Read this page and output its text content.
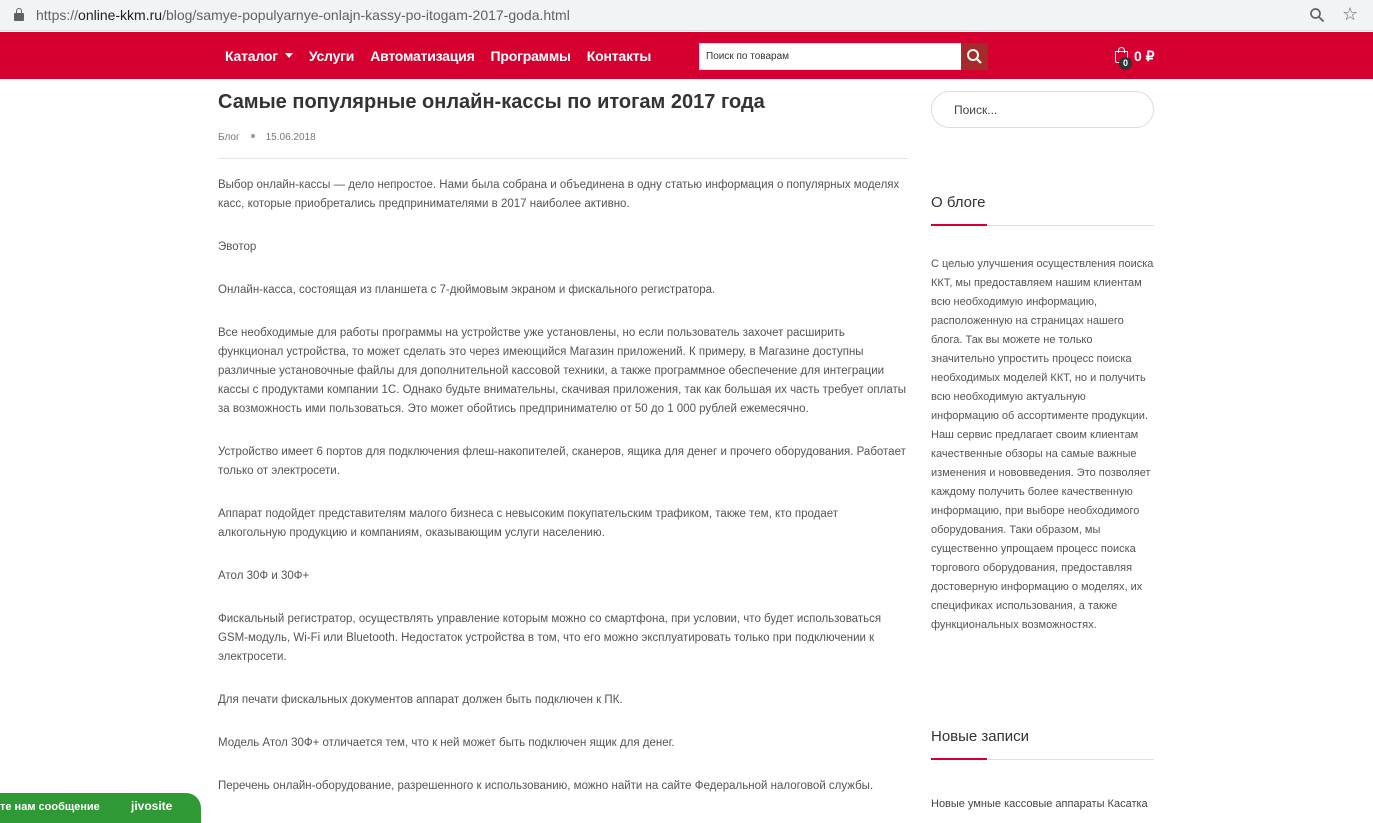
https://online-kkm.ru/blog/samye-populyarnye-onlajn-kassy-po-itogam-2017-goda.html	☆
Каталог Услуги Автоматизация Программы Контакты
Поиск по товарам	0 0 ₽
Самые популярные онлайн-кассы по итогам 2017 года
Блог	15.06.2018

Выбор онлайн-кассы — дело непростое. Нами была собрана и объединена в одну статью информация о популярных моделях касс, которые приобретались предпринимателями в 2017 наиболее активно.

Эвотор

Онлайн-касса, состоящая из планшета с 7-дюймовым экраном и фискального регистратора.

Все необходимые для работы программы на устройстве уже установлены, но если пользователь захочет расширить функционал устройства, то может сделать это через имеющийся Магазин приложений. К примеру, в Магазине доступны различные установочные файлы для дополнительной кассовой техники, а также программное обеспечение для интеграции кассы с продуктами компании 1С. Однако будьте внимательны, скачивая приложения, так как большая их часть требует оплаты за возможность ими пользоваться. Это может обойтись предпринимателю от 50 до 1 000 рублей ежемесячно.

Устройство имеет 6 портов для подключения флеш-накопителей, сканеров, ящика для денег и прочего оборудования. Работает только от электросети.

Аппарат подойдет представителям малого бизнеса с невысоким покупательским трафиком, также тем, кто продает алкогольную продукцию и компаниям, оказывающим услуги населению.

Атол 30Ф и 30Ф+

Фискальный регистратор, осуществлять управление которым можно со смартфона, при условии, что будет использоваться GSM-модуль, Wi-Fi или Bluetooth. Недостаток устройства в том, что его можно эксплуатировать только при подключении к электросети.

Для печати фискальных документов аппарат должен быть подключен к ПК.

Модель Атол 30Ф+ отличается тем, что к ней может быть подключен ящик для денег.

Перечень онлайн-оборудование, разрешенного к использованию, можно найти на сайте Федеральной налоговой службы.

Поиск...
О блоге
С целью улучшения осуществления поиска ККТ, мы предоставляем нашим клиентам всю необходимую информацию, расположенную на страницах нашего блога. Так вы можете не только значительно упростить процесс поиска необходимых моделей ККТ, но и получить всю необходимую актуальную информацию об ассортименте продукции. Наш сервис предлагает своим клиентам качественные обзоры на самые важные изменения и нововведения. Это позволяет каждому получить более качественную информацию, при выборе необходимого оборудования. Таки образом, мы существенно упрощаем процесс поиска торгового оборудования, предоставляя достоверную информацию о моделях, их спецификах использования, а также функциональных возможностях.
Новые записи
Новые умные кассовые аппараты Касатка
те нам сообщение	jivosite
